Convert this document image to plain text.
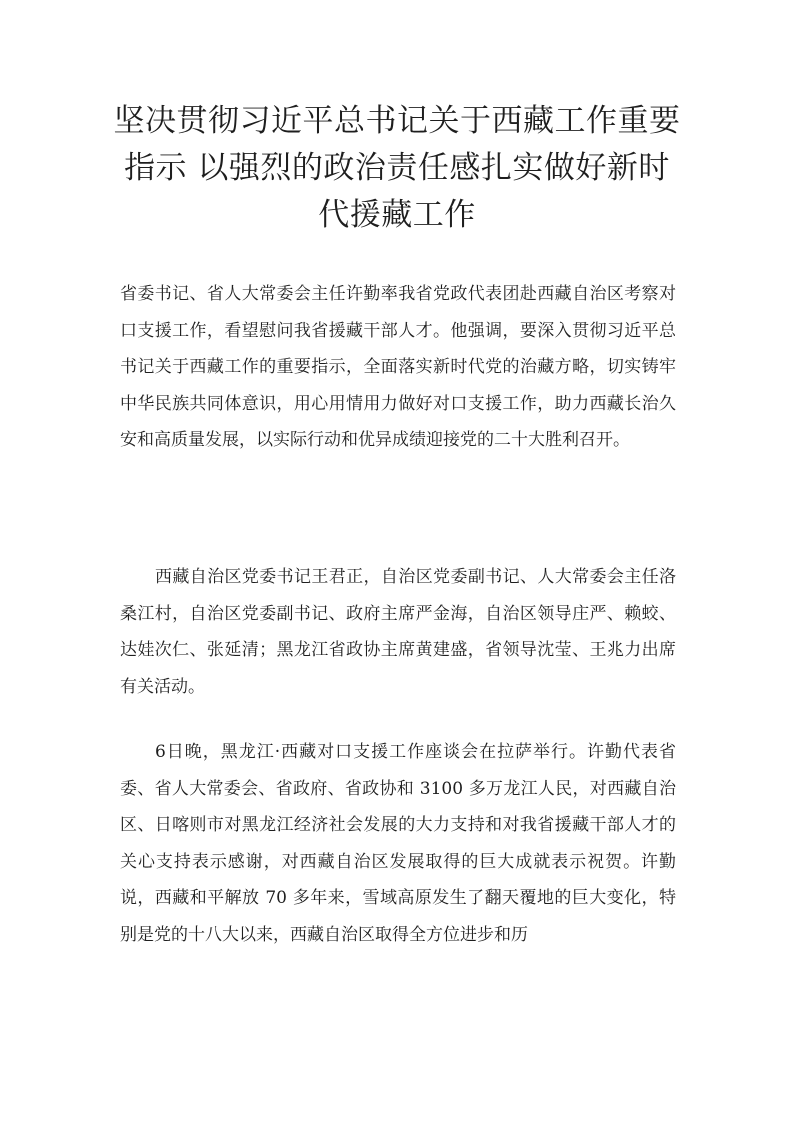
坚决贯彻习近平总书记关于西藏工作重要指示 以强烈的政治责任感扎实做好新时代援藏工作

省委书记、省人大常委会主任许勤率我省党政代表团赴西藏自治区考察对口支援工作，看望慰问我省援藏干部人才。他强调，要深入贯彻习近平总书记关于西藏工作的重要指示，全面落实新时代党的治藏方略，切实铸牢中华民族共同体意识，用心用情用力做好对口支援工作，助力西藏长治久安和高质量发展，以实际行动和优异成绩迎接党的二十大胜利召开。

西藏自治区党委书记王君正，自治区党委副书记、人大常委会主任洛桑江村，自治区党委副书记、政府主席严金海，自治区领导庄严、赖蛟、达娃次仁、张延清；黑龙江省政协主席黄建盛，省领导沈莹、王兆力出席有关活动。

6日晚，黑龙江·西藏对口支援工作座谈会在拉萨举行。许勤代表省委、省人大常委会、省政府、省政协和 3100 多万龙江人民，对西藏自治区、日喀则市对黑龙江经济社会发展的大力支持和对我省援藏干部人才的关心支持表示感谢，对西藏自治区发展取得的巨大成就表示祝贺。许勤说，西藏和平解放 70 多年来，雪域高原发生了翻天覆地的巨大变化，特别是党的十八大以来，西藏自治区取得全方位进步和历
